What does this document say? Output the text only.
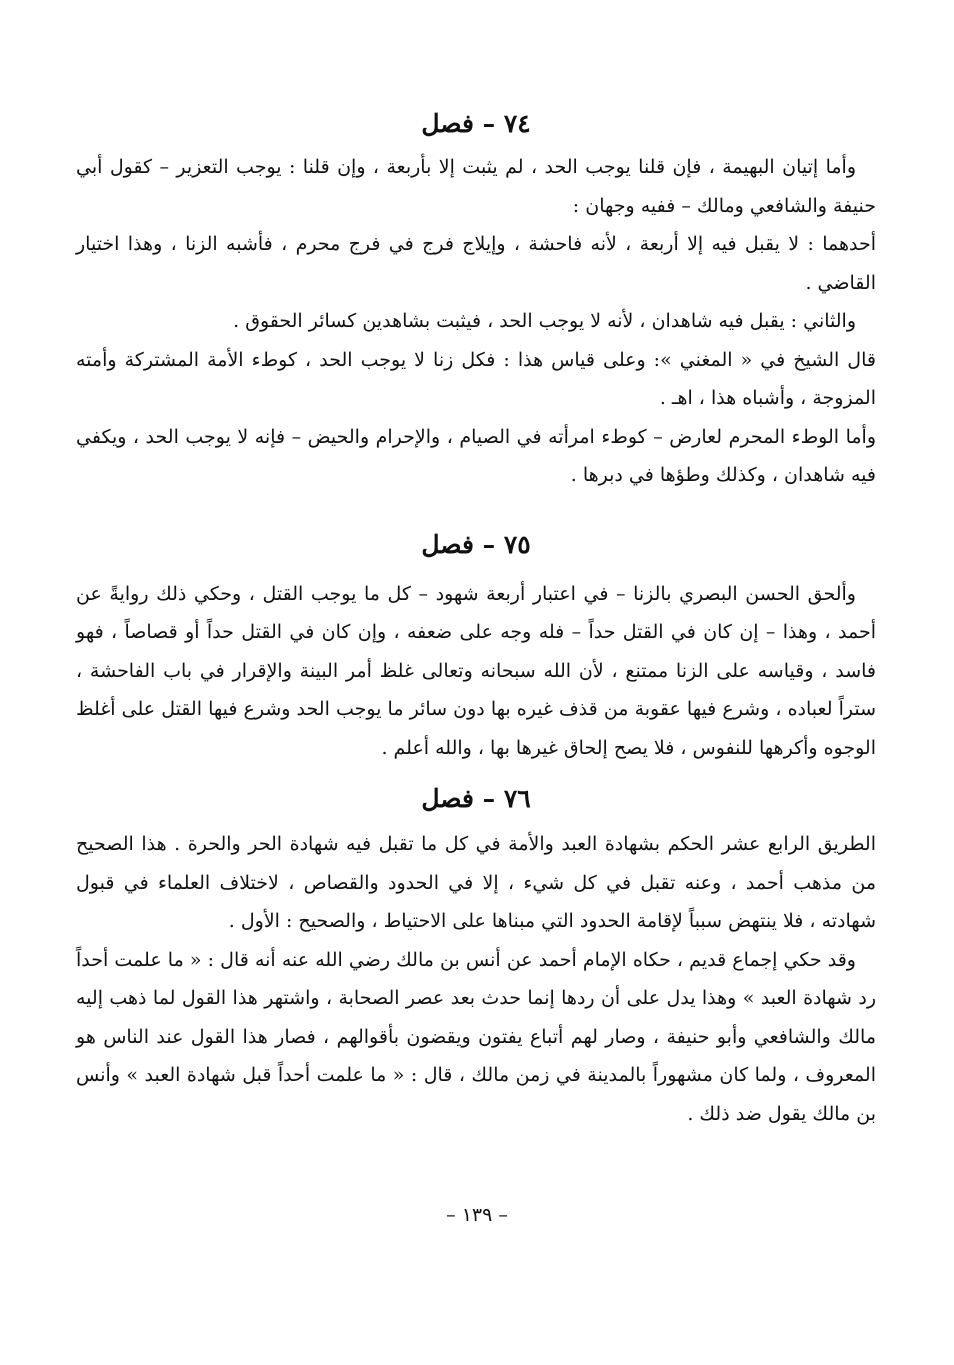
٧٤ – فصل

وأما إتيان البهيمة ، فإن قلنا يوجب الحد ، لم يثبت إلا بأربعة ، وإن قلنا : يوجب التعزير – كقول أبي حنيفة والشافعي ومالك – ففيه وجهان :

أحدهما : لا يقبل فيه إلا أربعة ، لأنه فاحشة ، وإيلاج فرج في فرج محرم ، فأشبه الزنا ، وهذا اختيار القاضي .

والثاني : يقبل فيه شاهدان ، لأنه لا يوجب الحد ، فيثبت بشاهدين كسائر الحقوق .

قال الشيخ في « المغني »: وعلى قياس هذا : فكل زنا لا يوجب الحد ، كوطء الأمة المشتركة وأمته المزوجة ، وأشباه هذا ، اهـ .

وأما الوطء المحرم لعارض – كوطء امرأته في الصيام ، والإحرام والحيض – فإنه لا يوجب الحد ، ويكفي فيه شاهدان ، وكذلك وطؤها في دبرها .

٧٥ – فصل

وألحق الحسن البصري بالزنا – في اعتبار أربعة شهود – كل ما يوجب القتل ، وحكي ذلك روايةً عن أحمد ، وهذا – إن كان في القتل حداً – فله وجه على ضعفه ، وإن كان في القتل حداً أو قصاصاً ، فهو فاسد ، وقياسه على الزنا ممتنع ، لأن الله سبحانه وتعالى غلظ أمر البينة والإقرار في باب الفاحشة ، ستراً لعباده ، وشرع فيها عقوبة من قذف غيره بها دون سائر ما يوجب الحد وشرع فيها القتل على أغلظ الوجوه وأكرهها للنفوس ، فلا يصح إلحاق غيرها بها ، والله أعلم .

٧٦ – فصل

الطريق الرابع عشر الحكم بشهادة العبد والأمة في كل ما تقبل فيه شهادة الحر والحرة . هذا الصحيح من مذهب أحمد ، وعنه تقبل في كل شيء ، إلا في الحدود والقصاص ، لاختلاف العلماء في قبول شهادته ، فلا ينتهض سبباً لإقامة الحدود التي مبناها على الاحتياط ، والصحيح : الأول .

وقد حكي إجماع قديم ، حكاه الإمام أحمد عن أنس بن مالك رضي الله عنه أنه قال : « ما علمت أحداً رد شهادة العبد » وهذا يدل على أن ردها إنما حدث بعد عصر الصحابة ، واشتهر هذا القول لما ذهب إليه مالك والشافعي وأبو حنيفة ، وصار لهم أتباع يفتون ويقضون بأقوالهم ، فصار هذا القول عند الناس هو المعروف ، ولما كان مشهوراً بالمدينة في زمن مالك ، قال : « ما علمت أحداً قبل شهادة العبد » وأنس بن مالك يقول ضد ذلك .

– ١٣٩ –
